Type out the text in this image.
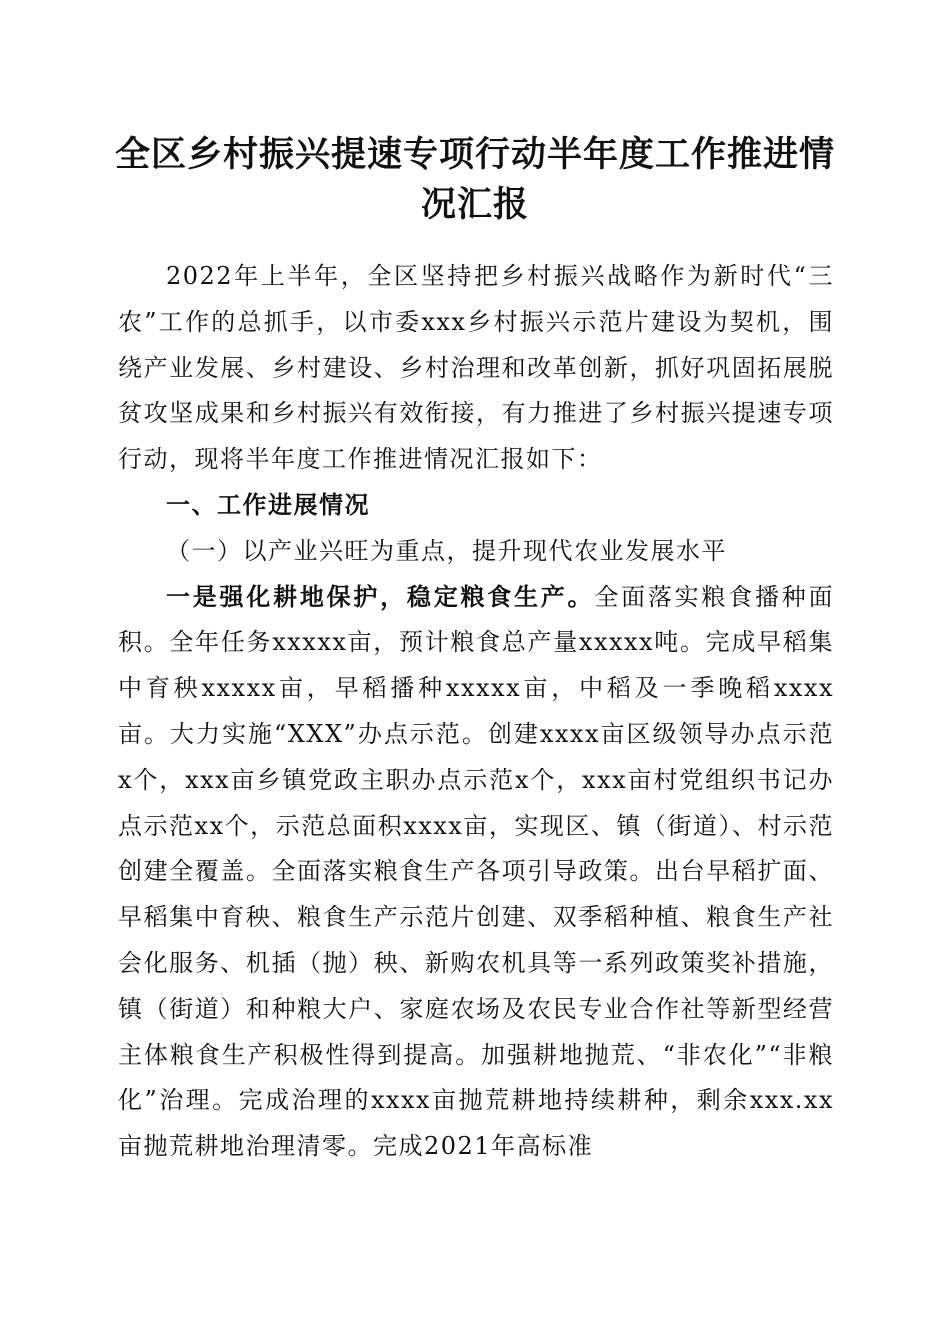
全区乡村振兴提速专项行动半年度工作推进情况汇报

2022年上半年，全区坚持把乡村振兴战略作为新时代“三农”工作的总抓手，以市委xxx乡村振兴示范片建设为契机，围绕产业发展、乡村建设、乡村治理和改革创新，抓好巩固拓展脱贫攻坚成果和乡村振兴有效衔接，有力推进了乡村振兴提速专项行动，现将半年度工作推进情况汇报如下：

一、工作进展情况

（一）以产业兴旺为重点，提升现代农业发展水平

一是强化耕地保护，稳定粮食生产。全面落实粮食播种面积。全年任务xxxxx亩，预计粮食总产量xxxxx吨。完成早稻集中育秧xxxxx亩，早稻播种xxxxx亩，中稻及一季晚稻xxxx亩。大力实施“XXX”办点示范。创建xxxx亩区级领导办点示范x个，xxx亩乡镇党政主职办点示范x个，xxx亩村党组织书记办点示范xx个，示范总面积xxxx亩，实现区、镇（街道）、村示范创建全覆盖。全面落实粮食生产各项引导政策。出台早稻扩面、早稻集中育秧、粮食生产示范片创建、双季稻种植、粮食生产社会化服务、机插（抛）秧、新购农机具等一系列政策奖补措施，镇（街道）和种粮大户、家庭农场及农民专业合作社等新型经营主体粮食生产积极性得到提高。加强耕地抛荒、“非农化”“非粮化”治理。完成治理的xxxx亩抛荒耕地持续耕种，剩余xxx.xx亩抛荒耕地治理清零。完成2021年高标准
